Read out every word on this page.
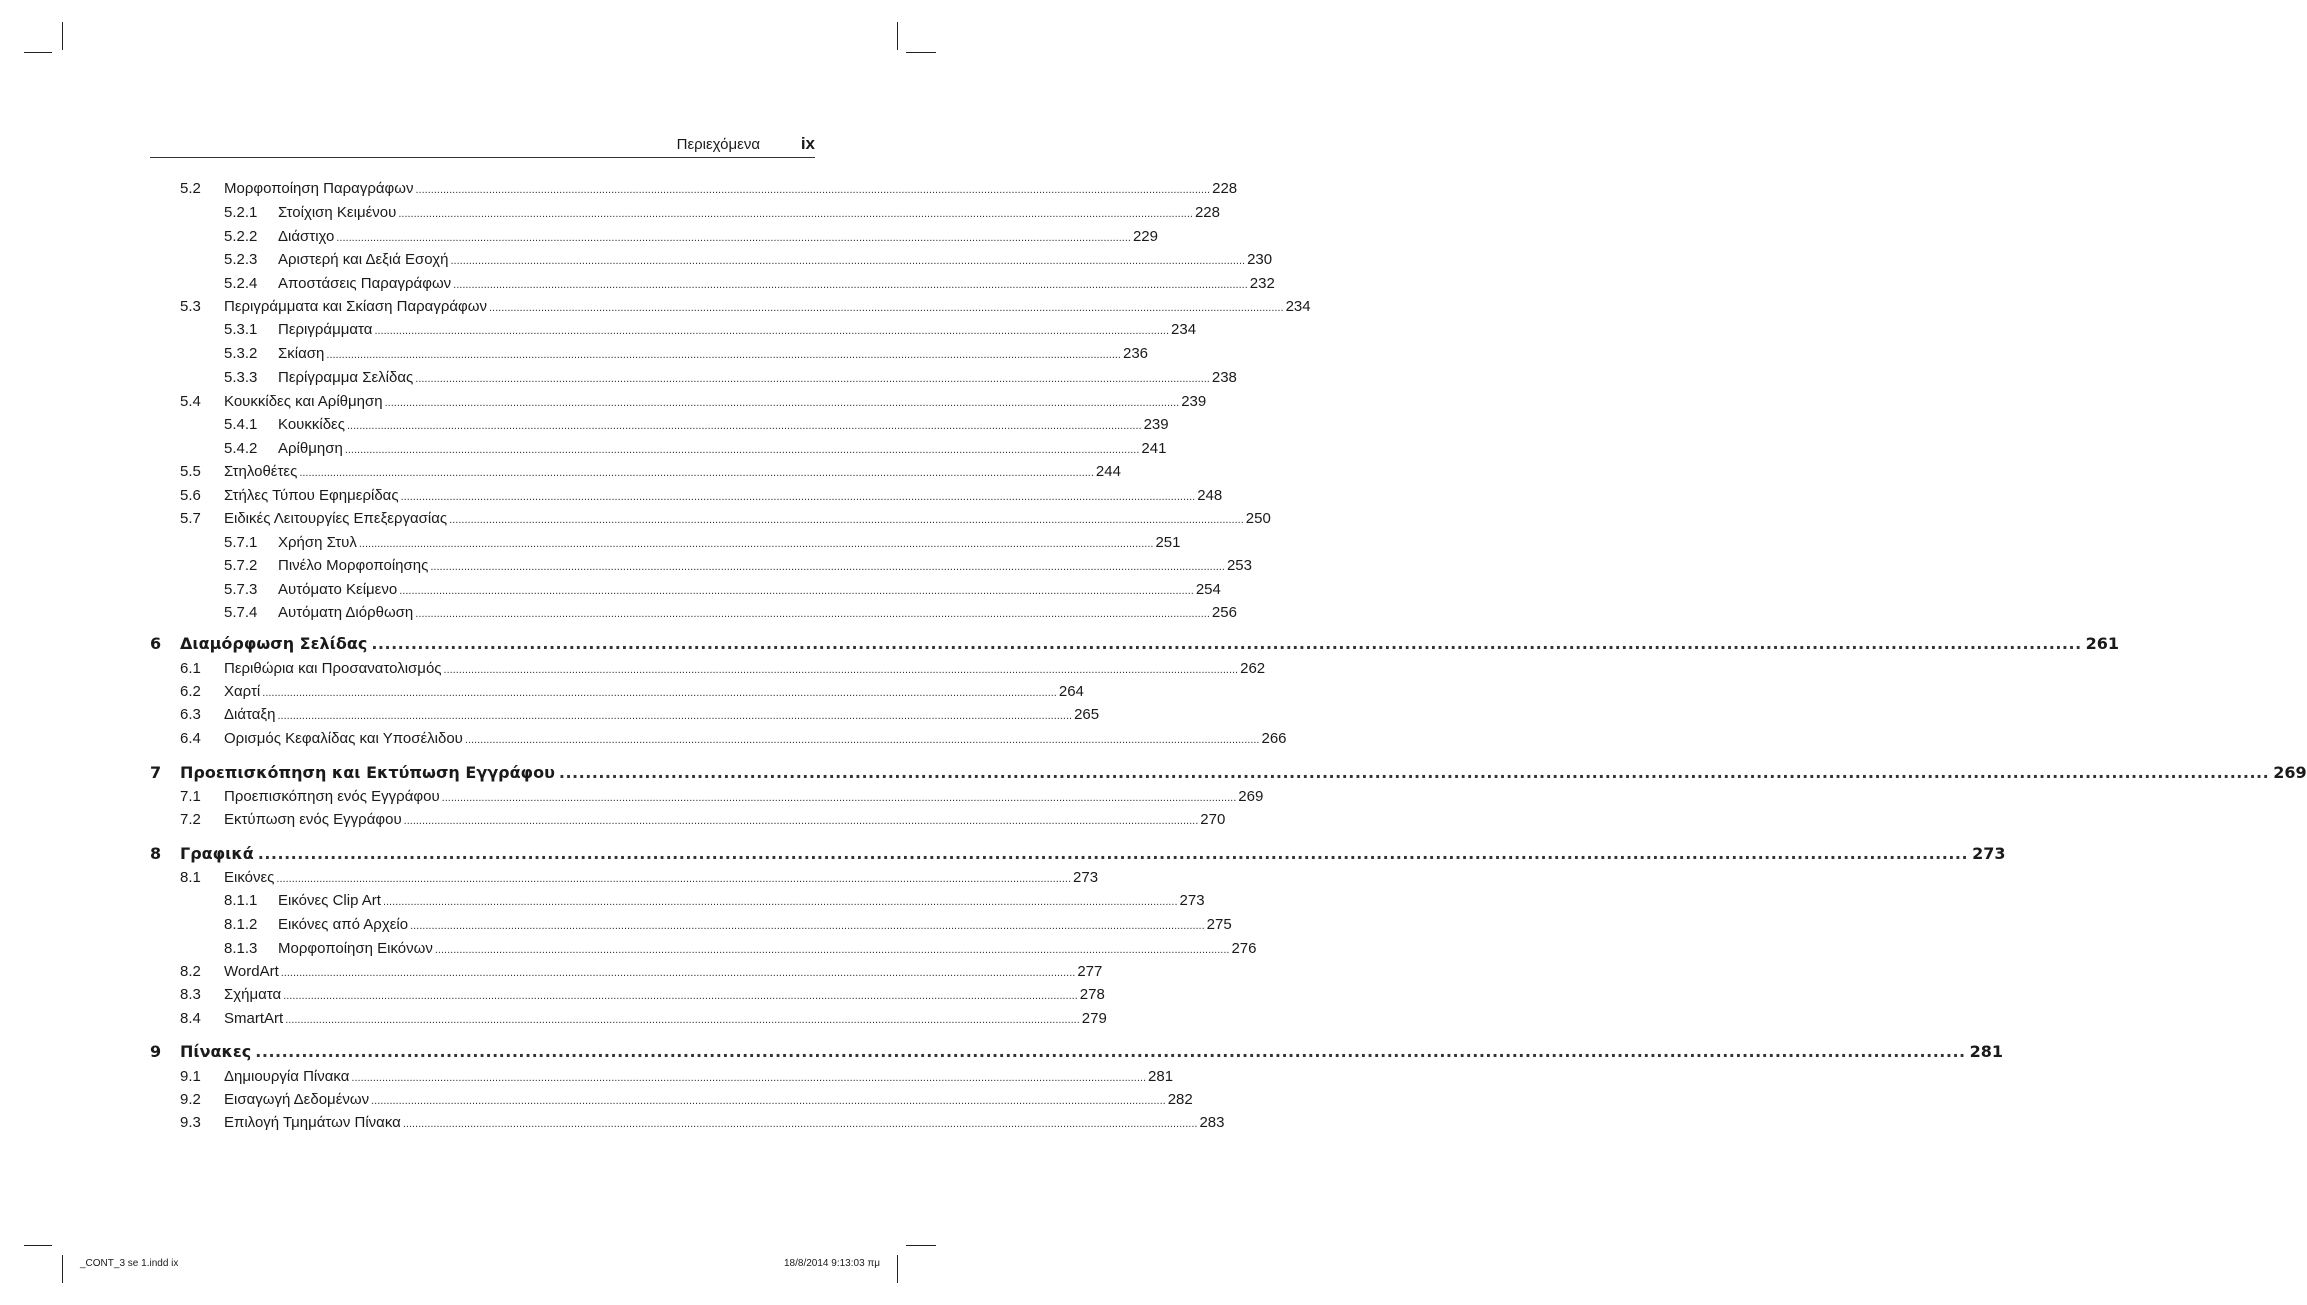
Περιεχόμενα	ix
5.2	Μορφοποίηση Παραγράφων .................................................................................................................................................................................................................................................................... 228
5.2.1	Στοίχιση Κειμένου .................................................................................................................................................................................................................................................................... 228
5.2.2	Διάστιχο .................................................................................................................................................................................................................................................................... 229
5.2.3	Αριστερή και Δεξιά Εσοχή .................................................................................................................................................................................................................................................................... 230
5.2.4	Αποστάσεις Παραγράφων .................................................................................................................................................................................................................................................................... 232
5.3	Περιγράμματα και Σκίαση Παραγράφων .................................................................................................................................................................................................................................................................... 234
5.3.1	Περιγράμματα .................................................................................................................................................................................................................................................................... 234
5.3.2	Σκίαση .................................................................................................................................................................................................................................................................... 236
5.3.3	Περίγραμμα Σελίδας .................................................................................................................................................................................................................................................................... 238
5.4	Κουκκίδες και Αρίθμηση .................................................................................................................................................................................................................................................................... 239
5.4.1	Κουκκίδες .................................................................................................................................................................................................................................................................... 239
5.4.2	Αρίθμηση .................................................................................................................................................................................................................................................................... 241
5.5	Στηλοθέτες .................................................................................................................................................................................................................................................................... 244
5.6	Στήλες Τύπου Εφημερίδας .................................................................................................................................................................................................................................................................... 248
5.7	Ειδικές Λειτουργίες Επεξεργασίας .................................................................................................................................................................................................................................................................... 250
5.7.1	Χρήση Στυλ .................................................................................................................................................................................................................................................................... 251
5.7.2	Πινέλο Μορφοποίησης .................................................................................................................................................................................................................................................................... 253
5.7.3	Αυτόματο Κείμενο .................................................................................................................................................................................................................................................................... 254
5.7.4	Αυτόματη Διόρθωση .................................................................................................................................................................................................................................................................... 256
6	Διαμόρφωση Σελίδας .................................................................................................................................................................................................................................................................... 261
6.1	Περιθώρια και Προσανατολισμός .................................................................................................................................................................................................................................................................... 262
6.2	Χαρτί .................................................................................................................................................................................................................................................................... 264
6.3	Διάταξη .................................................................................................................................................................................................................................................................... 265
6.4	Ορισμός Κεφαλίδας και Υποσέλιδου .................................................................................................................................................................................................................................................................... 266
7	Προεπισκόπηση και Εκτύπωση Εγγράφου .................................................................................................................................................................................................................................................................... 269
7.1	Προεπισκόπηση ενός Εγγράφου .................................................................................................................................................................................................................................................................... 269
7.2	Εκτύπωση ενός Εγγράφου .................................................................................................................................................................................................................................................................... 270
8	Γραφικά .................................................................................................................................................................................................................................................................... 273
8.1	Εικόνες .................................................................................................................................................................................................................................................................... 273
8.1.1	Εικόνες Clip Art .................................................................................................................................................................................................................................................................... 273
8.1.2	Εικόνες από Αρχείο .................................................................................................................................................................................................................................................................... 275
8.1.3	Μορφοποίηση Εικόνων .................................................................................................................................................................................................................................................................... 276
8.2	WordArt .................................................................................................................................................................................................................................................................... 277
8.3	Σχήματα .................................................................................................................................................................................................................................................................... 278
8.4	SmartArt .................................................................................................................................................................................................................................................................... 279
9	Πίνακες .................................................................................................................................................................................................................................................................... 281
9.1	Δημιουργία Πίνακα .................................................................................................................................................................................................................................................................... 281
9.2	Εισαγωγή Δεδομένων .................................................................................................................................................................................................................................................................... 282
9.3	Επιλογή Τμημάτων Πίνακα .................................................................................................................................................................................................................................................................... 283
_CONT_3 se 1.indd ix	18/8/2014 9:13:03 πμ
